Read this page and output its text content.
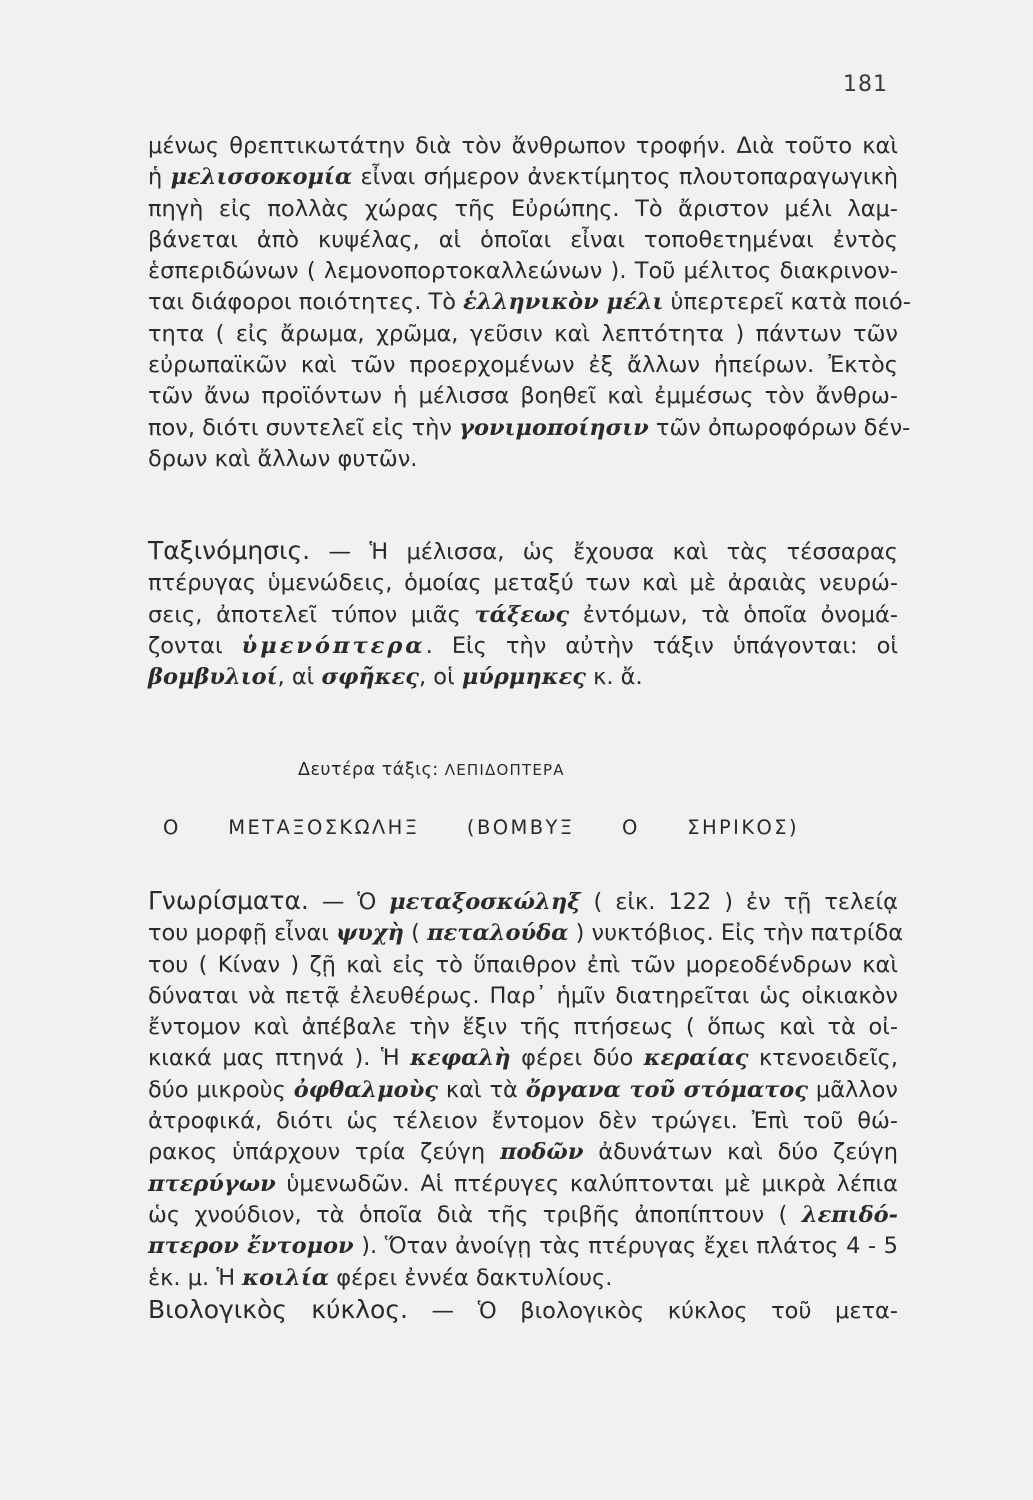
181
μένως θρεπτικωτάτην διὰ τὸν ἄνθρωπον τροφήν. Διὰ τοῦτο καὶ
ἡ μελισσοκομία εἶναι σήμερον ἀνεκτίμητος πλουτοπαραγωγικὴ
πηγὴ εἰς πολλὰς χώρας τῆς Εὐρώπης. Τὸ ἄριστον μέλι λαμ-
βάνεται ἀπὸ κυψέλας, αἱ ὁποῖαι εἶναι τοποθετημέναι ἐντὸς
ἑσπεριδώνων ( λεμονοπορτοκαλλεώνων ). Τοῦ μέλιτος διακρινον-
ται διάφοροι ποιότητες. Τὸ ἑλληνικὸν μέλι ὑπερτερεῖ κατὰ ποιό-
τητα ( εἰς ἄρωμα, χρῶμα, γεῦσιν καὶ λεπτότητα ) πάντων τῶν
εὐρωπαϊκῶν καὶ τῶν προερχομένων ἐξ ἄλλων ἠπείρων. Ἐκτὸς
τῶν ἄνω προϊόντων ἡ μέλισσα βοηθεῖ καὶ ἐμμέσως τὸν ἄνθρω-
πον, διότι συντελεῖ εἰς τὴν γονιμοποίησιν τῶν ὀπωροφόρων δέν-
δρων καὶ ἄλλων φυτῶν.
Ταξινόμησις. — Ἡ μέλισσα, ὡς ἔχουσα καὶ τὰς τέσσαρας
πτέρυγας ὑμενώδεις, ὁμοίας μεταξύ των καὶ μὲ ἀραιὰς νευρώ-
σεις, ἀποτελεῖ τύπον μιᾶς τάξεως ἐντόμων, τὰ ὁποῖα ὀνομά-
ζονται ὑμενόπτερα. Εἰς τὴν αὐτὴν τάξιν ὑπάγονται: οἱ
βομβυλιοί, αἱ σφῆκες, οἱ μύρμηκες κ. ἄ.
Δευτέρα τάξις: ΛΕΠΙΔΟΠΤΕΡΑ
Ο ΜΕΤΑΞΟΣΚΩΛΗΞ (ΒΟΜΒΥΞ Ο ΣΗΡΙΚΟΣ)
Γνωρίσματα. — Ὁ μεταξοσκώληξ ( εἰκ. 122 ) ἐν τῇ τελείᾳ
του μορφῇ εἶναι ψυχὴ ( πεταλούδα ) νυκτόβιος. Εἰς τὴν πατρίδα
του ( Κίναν ) ζῇ καὶ εἰς τὸ ὕπαιθρον ἐπὶ τῶν μορεοδένδρων καὶ
δύναται νὰ πετᾷ ἐλευθέρως. Παρ᾽ ἡμῖν διατηρεῖται ὡς οἰκιακὸν
ἔντομον καὶ ἀπέβαλε τὴν ἕξιν τῆς πτήσεως ( ὅπως καὶ τὰ οἰ-
κιακά μας πτηνά ). Ἡ κεφαλὴ φέρει δύο κεραίας κτενοειδεῖς,
δύο μικροὺς ὀφθαλμοὺς καὶ τὰ ὄργανα τοῦ στόματος μᾶλλον
ἀτροφικά, διότι ὡς τέλειον ἔντομον δὲν τρώγει. Ἐπὶ τοῦ θώ-
ρακος ὑπάρχουν τρία ζεύγη ποδῶν ἀδυνάτων καὶ δύο ζεύγη
πτερύγων ὑμενωδῶν. Αἱ πτέρυγες καλύπτονται μὲ μικρὰ λέπια
ὡς χνούδιον, τὰ ὁποῖα διὰ τῆς τριβῆς ἀποπίπτουν ( λεπιδό-
πτερον ἔντομον ). Ὅταν ἀνοίγῃ τὰς πτέρυγας ἔχει πλάτος 4 - 5
ἑκ. μ. Ἡ κοιλία φέρει ἐννέα δακτυλίους.
Βιολογικὸς κύκλος. — Ὁ βιολογικὸς κύκλος τοῦ μετα-
